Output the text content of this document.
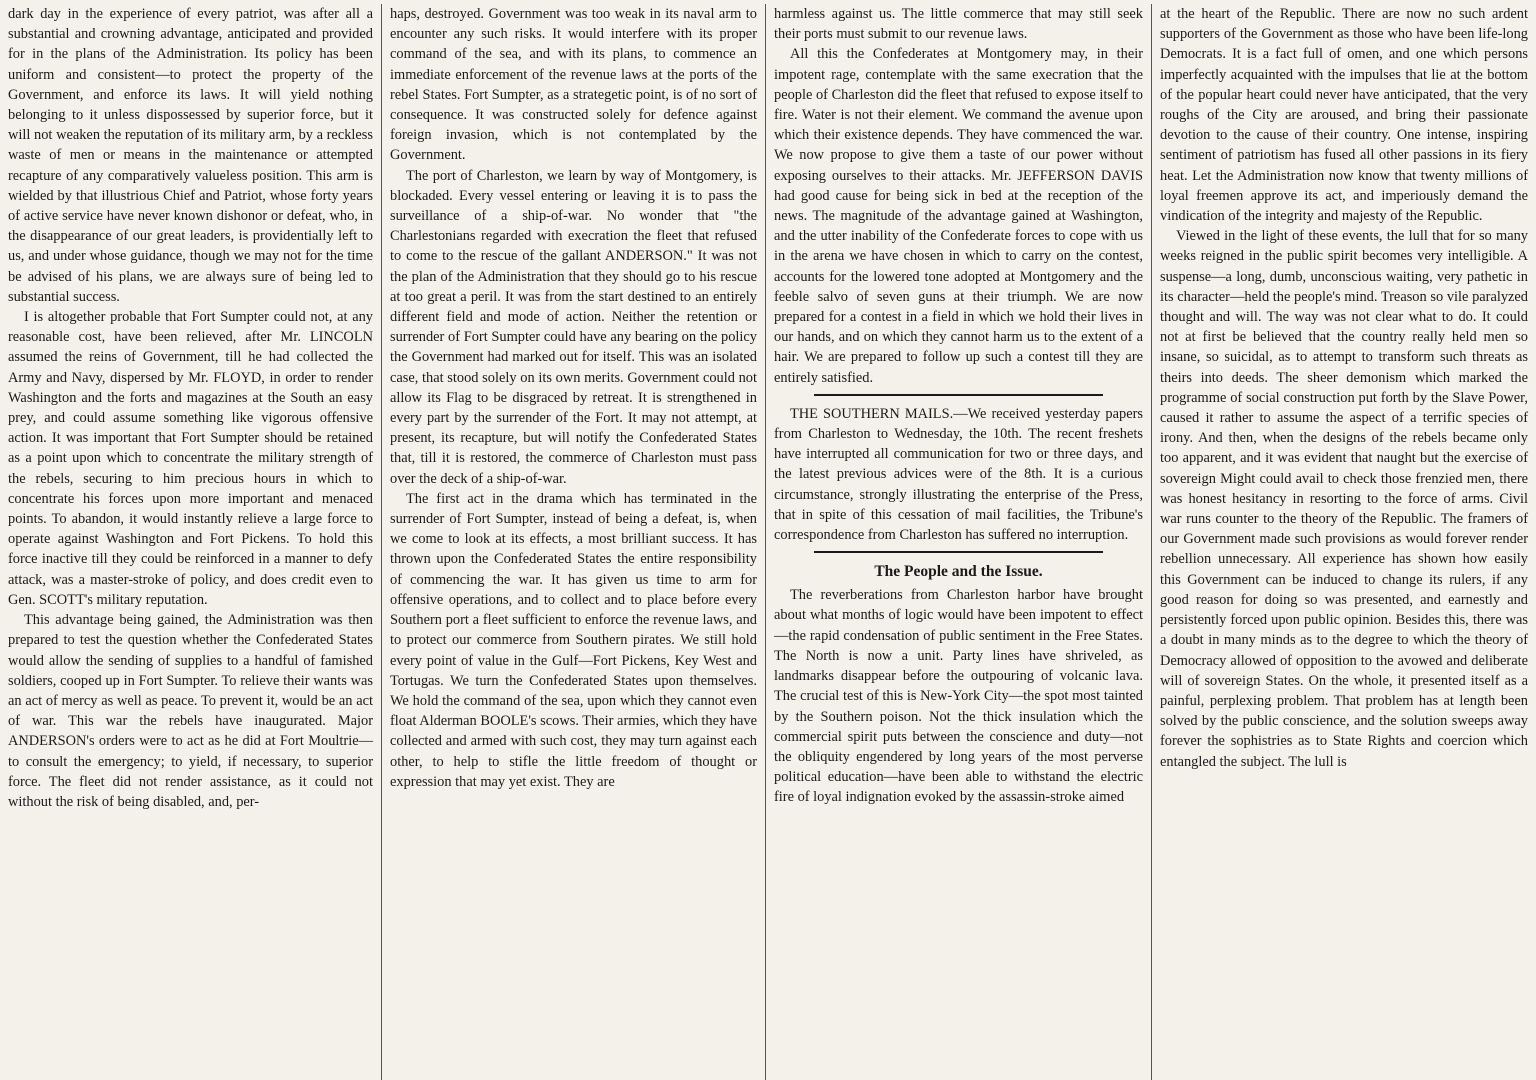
dark day in the experience of every patriot, was after all a substantial and crowning advantage, anticipated and provided for in the plans of the Administration. Its policy has been uniform and consistent—to protect the property of the Government, and enforce its laws. It will yield nothing belonging to it unless dispossessed by superior force, but it will not weaken the reputation of its military arm, by a reckless waste of men or means in the maintenance or attempted recapture of any comparatively valueless position. This arm is wielded by that illustrious Chief and Patriot, whose forty years of active service have never known dishonor or defeat, who, in the disappearance of our great leaders, is providentially left to us, and under whose guidance, though we may not for the time be advised of his plans, we are always sure of being led to substantial success.

I is altogether probable that Fort Sumpter could not, at any reasonable cost, have been relieved, after Mr. LINCOLN assumed the reins of Government, till he had collected the Army and Navy, dispersed by Mr. FLOYD, in order to render Washington and the forts and magazines at the South an easy prey, and could assume something like vigorous offensive action. It was important that Fort Sumpter should be retained as a point upon which to concentrate the military strength of the rebels, securing to him precious hours in which to concentrate his forces upon more important and menaced points. To abandon, it would instantly relieve a large force to operate against Washington and Fort Pickens. To hold this force inactive till they could be reinforced in a manner to defy attack, was a master-stroke of policy, and does credit even to Gen. SCOTT's military reputation.

This advantage being gained, the Administration was then prepared to test the question whether the Confederated States would allow the sending of supplies to a handful of famished soldiers, cooped up in Fort Sumpter. To relieve their wants was an act of mercy as well as peace. To prevent it, would be an act of war. This war the rebels have inaugurated. Major ANDERSON's orders were to act as he did at Fort Moultrie—to consult the emergency; to yield, if necessary, to superior force. The fleet did not render assistance, as it could not without the risk of being disabled, and, per-

haps, destroyed. Government was too weak in its naval arm to encounter any such risks. It would interfere with its proper command of the sea, and with its plans, to commence an immediate enforcement of the revenue laws at the ports of the rebel States. Fort Sumpter, as a strategetic point, is of no sort of consequence. It was constructed solely for defence against foreign invasion, which is not contemplated by the Government.

The port of Charleston, we learn by way of Montgomery, is blockaded. Every vessel entering or leaving it is to pass the surveillance of a ship-of-war. No wonder that "the Charlestonians regarded with execration the fleet that refused to come to the rescue of the gallant ANDERSON." It was not the plan of the Administration that they should go to his rescue at too great a peril. It was from the start destined to an entirely different field and mode of action. Neither the retention or surrender of Fort Sumpter could have any bearing on the policy the Government had marked out for itself. This was an isolated case, that stood solely on its own merits. Government could not allow its Flag to be disgraced by retreat. It is strengthened in every part by the surrender of the Fort. It may not attempt, at present, its recapture, but will notify the Confederated States that, till it is restored, the commerce of Charleston must pass over the deck of a ship-of-war.

The first act in the drama which has terminated in the surrender of Fort Sumpter, instead of being a defeat, is, when we come to look at its effects, a most brilliant success. It has thrown upon the Confederated States the entire responsibility of commencing the war. It has given us time to arm for offensive operations, and to collect and to place before every Southern port a fleet sufficient to enforce the revenue laws, and to protect our commerce from Southern pirates. We still hold every point of value in the Gulf—Fort Pickens, Key West and Tortugas. We turn the Confederated States upon themselves. We hold the command of the sea, upon which they cannot even float Alderman BOOLE's scows. Their armies, which they have collected and armed with such cost, they may turn against each other, to help to stifle the little freedom of thought or expression that may yet exist. They are

harmless against us. The little commerce that may still seek their ports must submit to our revenue laws.

All this the Confederates at Montgomery may, in their impotent rage, contemplate with the same execration that the people of Charleston did the fleet that refused to expose itself to fire. Water is not their element. We command the avenue upon which their existence depends. They have commenced the war. We now propose to give them a taste of our power without exposing ourselves to their attacks. Mr. JEFFERSON DAVIS had good cause for being sick in bed at the reception of the news. The magnitude of the advantage gained at Washington, and the utter inability of the Confederate forces to cope with us in the arena we have chosen in which to carry on the contest, accounts for the lowered tone adopted at Montgomery and the feeble salvo of seven guns at their triumph. We are now prepared for a contest in a field in which we hold their lives in our hands, and on which they cannot harm us to the extent of a hair. We are prepared to follow up such a contest till they are entirely satisfied.

THE SOUTHERN MAILS.—We received yesterday papers from Charleston to Wednesday, the 10th. The recent freshets have interrupted all communication for two or three days, and the latest previous advices were of the 8th. It is a curious circumstance, strongly illustrating the enterprise of the Press, that in spite of this cessation of mail facilities, the Tribune's correspondence from Charleston has suffered no interruption.

The People and the Issue.

The reverberations from Charleston harbor have brought about what months of logic would have been impotent to effect—the rapid condensation of public sentiment in the Free States. The North is now a unit. Party lines have shriveled, as landmarks disappear before the outpouring of volcanic lava. The crucial test of this is New-York City—the spot most tainted by the Southern poison. Not the thick insulation which the commercial spirit puts between the conscience and duty—not the obliquity engendered by long years of the most perverse political education—have been able to withstand the electric fire of loyal indignation evoked by the assassin-stroke aimed

at the heart of the Republic. There are now no such ardent supporters of the Government as those who have been life-long Democrats. It is a fact full of omen, and one which persons imperfectly acquainted with the impulses that lie at the bottom of the popular heart could never have anticipated, that the very roughs of the City are aroused, and bring their passionate devotion to the cause of their country. One intense, inspiring sentiment of patriotism has fused all other passions in its fiery heat. Let the Administration now know that twenty millions of loyal freemen approve its act, and imperiously demand the vindication of the integrity and majesty of the Republic.

Viewed in the light of these events, the lull that for so many weeks reigned in the public spirit becomes very intelligible. A suspense—a long, dumb, unconscious waiting, very pathetic in its character—held the people's mind. Treason so vile paralyzed thought and will. The way was not clear what to do. It could not at first be believed that the country really held men so insane, so suicidal, as to attempt to transform such threats as theirs into deeds. The sheer demonism which marked the programme of social construction put forth by the Slave Power, caused it rather to assume the aspect of a terrific species of irony. And then, when the designs of the rebels became only too apparent, and it was evident that naught but the exercise of sovereign Might could avail to check those frenzied men, there was honest hesitancy in resorting to the force of arms. Civil war runs counter to the theory of the Republic. The framers of our Government made such provisions as would forever render rebellion unnecessary. All experience has shown how easily this Government can be induced to change its rulers, if any good reason for doing so was presented, and earnestly and persistently forced upon public opinion. Besides this, there was a doubt in many minds as to the degree to which the theory of Democracy allowed of opposition to the avowed and deliberate will of sovereign States. On the whole, it presented itself as a painful, perplexing problem. That problem has at length been solved by the public conscience, and the solution sweeps away forever the sophistries as to State Rights and coercion which entangled the subject. The lull is
